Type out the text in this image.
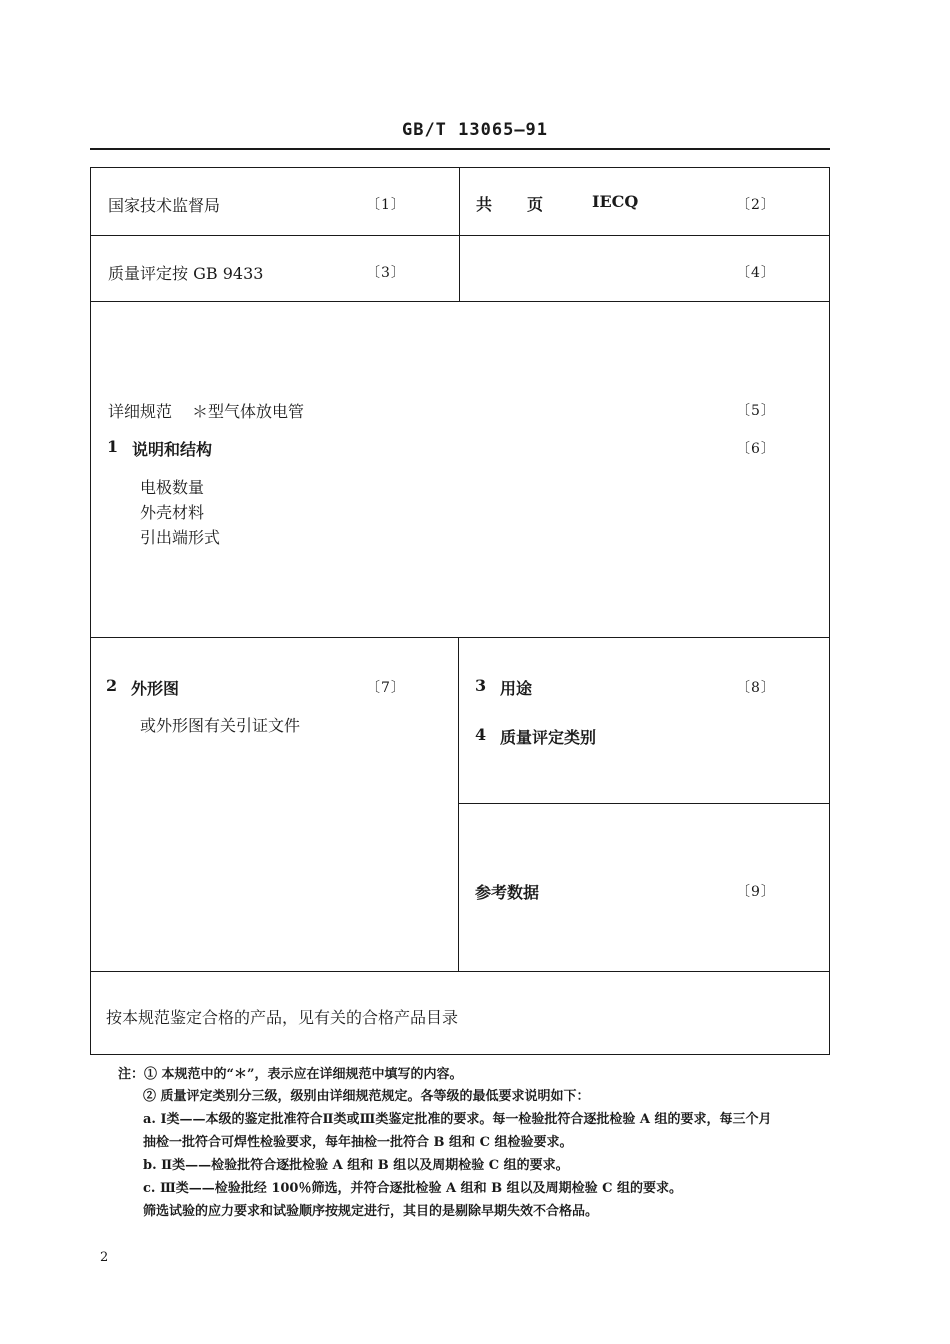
GB/T 13065—91
国家技术监督局	〔1〕	共 页	IECQ	〔2〕
质量评定按 GB 9433	〔3〕	〔4〕
详细规范 ＊型气体放电管	〔5〕
1 说明和结构	〔6〕
电极数量
外壳材料
引出端形式
2 外形图	〔7〕
或外形图有关引证文件
3 用途	〔8〕
4 质量评定类别
参考数据	〔9〕
按本规范鉴定合格的产品，见有关的合格产品目录
注：① 本规范中的“＊”，表示应在详细规范中填写的内容。
② 质量评定类别分三级，级别由详细规范规定。各等级的最低要求说明如下：
a. Ⅰ类——本级的鉴定批准符合Ⅱ类或Ⅲ类鉴定批准的要求。每一检验批符合逐批检验 A 组的要求，每三个月
抽检一批符合可焊性检验要求，每年抽检一批符合 B 组和 C 组检验要求。
b. Ⅱ类——检验批符合逐批检验 A 组和 B 组以及周期检验 C 组的要求。
c. Ⅲ类——检验批经 100％筛选，并符合逐批检验 A 组和 B 组以及周期检验 C 组的要求。
筛选试验的应力要求和试验顺序按规定进行，其目的是剔除早期失效不合格品。
2
